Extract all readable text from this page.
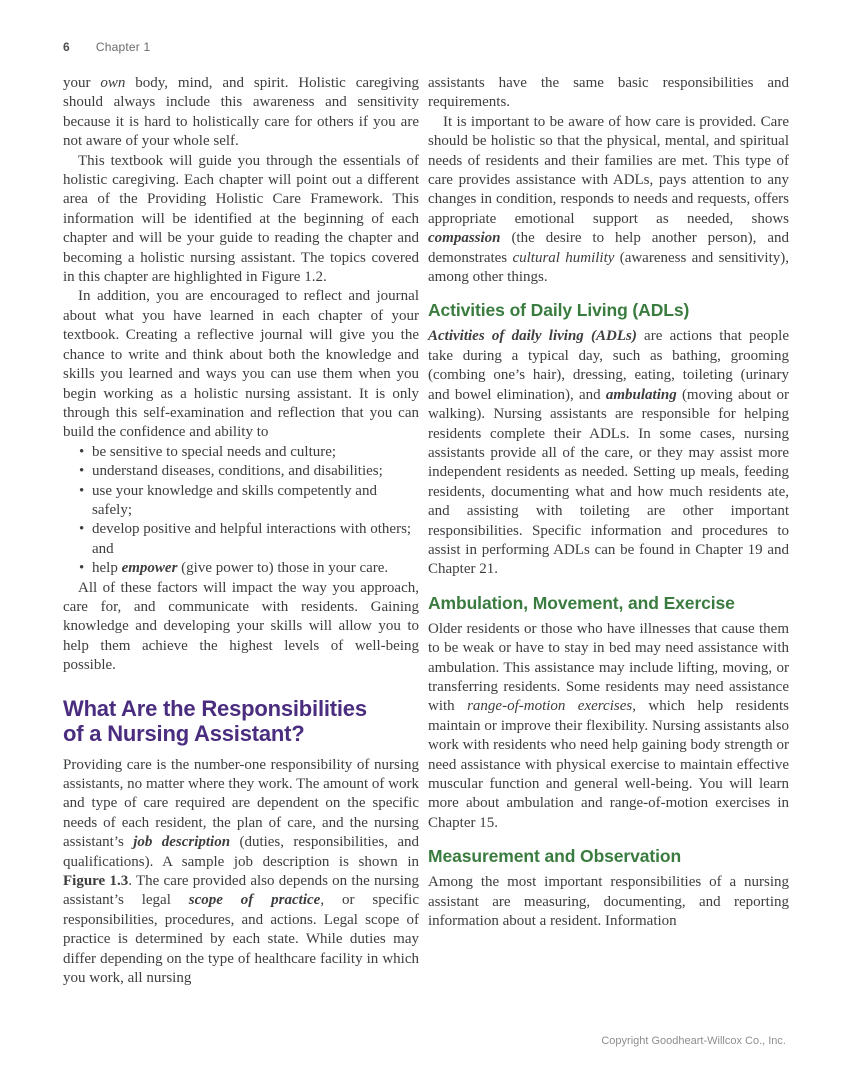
6 Chapter 1

your own body, mind, and spirit. Holistic caregiving should always include this awareness and sensitivity because it is hard to holistically care for others if you are not aware of your whole self.

This textbook will guide you through the essentials of holistic caregiving. Each chapter will point out a different area of the Providing Holistic Care Framework. This information will be identified at the beginning of each chapter and will be your guide to reading the chapter and becoming a holistic nursing assistant. The topics covered in this chapter are highlighted in Figure 1.2.

In addition, you are encouraged to reflect and journal about what you have learned in each chapter of your textbook. Creating a reflective journal will give you the chance to write and think about both the knowledge and skills you learned and ways you can use them when you begin working as a holistic nursing assistant. It is only through this self-examination and reflection that you can build the confidence and ability to

• be sensitive to special needs and culture;
• understand diseases, conditions, and disabilities;
• use your knowledge and skills competently and safely;
• develop positive and helpful interactions with others; and
• help empower (give power to) those in your care.

All of these factors will impact the way you approach, care for, and communicate with residents. Gaining knowledge and developing your skills will allow you to help them achieve the highest levels of well-being possible.

What Are the Responsibilities
of a Nursing Assistant?

Providing care is the number-one responsibility of nursing assistants, no matter where they work. The amount of work and type of care required are dependent on the specific needs of each resident, the plan of care, and the nursing assistant’s job description (duties, responsibilities, and qualifications). A sample job description is shown in Figure 1.3. The care provided also depends on the nursing assistant’s legal scope of practice, or specific responsibilities, procedures, and actions. Legal scope of practice is determined by each state. While duties may differ depending on the type of healthcare facility in which you work, all nursing

assistants have the same basic responsibilities and requirements.

It is important to be aware of how care is provided. Care should be holistic so that the physical, mental, and spiritual needs of residents and their families are met. This type of care provides assistance with ADLs, pays attention to any changes in condition, responds to needs and requests, offers appropriate emotional support as needed, shows compassion (the desire to help another person), and demonstrates cultural humility (awareness and sensitivity), among other things.

Activities of Daily Living (ADLs)

Activities of daily living (ADLs) are actions that people take during a typical day, such as bathing, grooming (combing one’s hair), dressing, eating, toileting (urinary and bowel elimination), and ambulating (moving about or walking). Nursing assistants are responsible for helping residents complete their ADLs. In some cases, nursing assistants provide all of the care, or they may assist more independent residents as needed. Setting up meals, feeding residents, documenting what and how much residents ate, and assisting with toileting are other important responsibilities. Specific information and procedures to assist in performing ADLs can be found in Chapter 19 and Chapter 21.

Ambulation, Movement, and Exercise

Older residents or those who have illnesses that cause them to be weak or have to stay in bed may need assistance with ambulation. This assistance may include lifting, moving, or transferring residents. Some residents may need assistance with range-of-motion exercises, which help residents maintain or improve their flexibility. Nursing assistants also work with residents who need help gaining body strength or need assistance with physical exercise to maintain effective muscular function and general well-being. You will learn more about ambulation and range-of-motion exercises in Chapter 15.

Measurement and Observation

Among the most important responsibilities of a nursing assistant are measuring, documenting, and reporting information about a resident. Information

Copyright Goodheart-Willcox Co., Inc.
